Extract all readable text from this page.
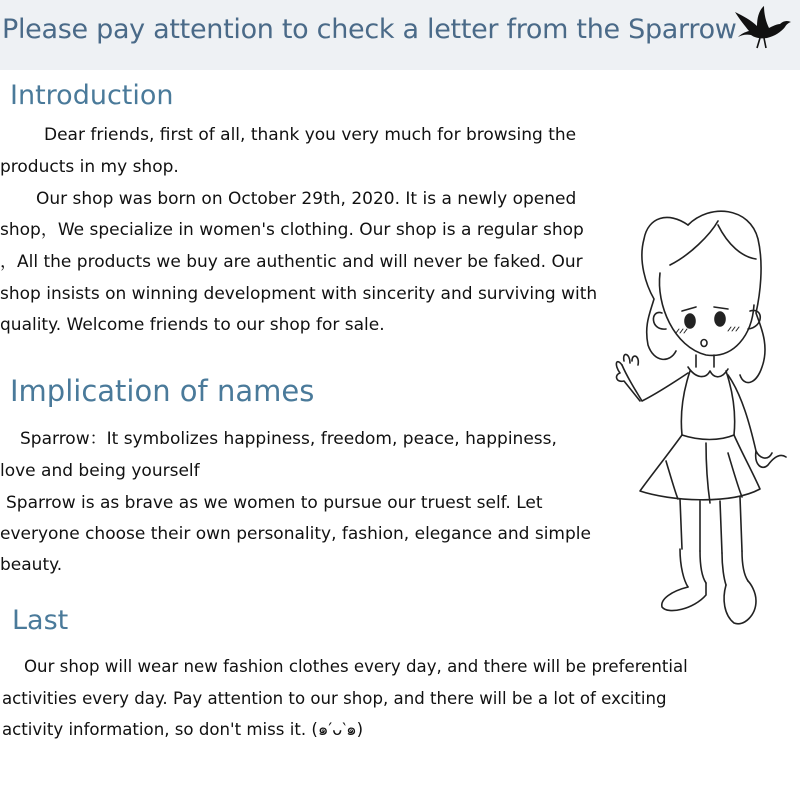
Please pay attention to check a letter from the Sparrow
Introduction
Dear friends, first of all, thank you very much for browsing the
products in my shop.
Our shop was born on October 29th, 2020. It is a newly opened
shop，We specialize in women's clothing. Our shop is a regular shop
，All the products we buy are authentic and will never be faked. Our
shop insists on winning development with sincerity and surviving with
quality. Welcome friends to our shop for sale.
Implication of names
Sparrow：It symbolizes happiness, freedom, peace, happiness,
love and being yourself
Sparrow is as brave as we women to pursue our truest self. Let
everyone choose their own personality, fashion, elegance and simple
beauty.
Last
Our shop will wear new fashion clothes every day, and there will be preferential
activities every day. Pay attention to our shop, and there will be a lot of exciting
activity information, so don't miss it. (๑′ᴗ‵๑)
